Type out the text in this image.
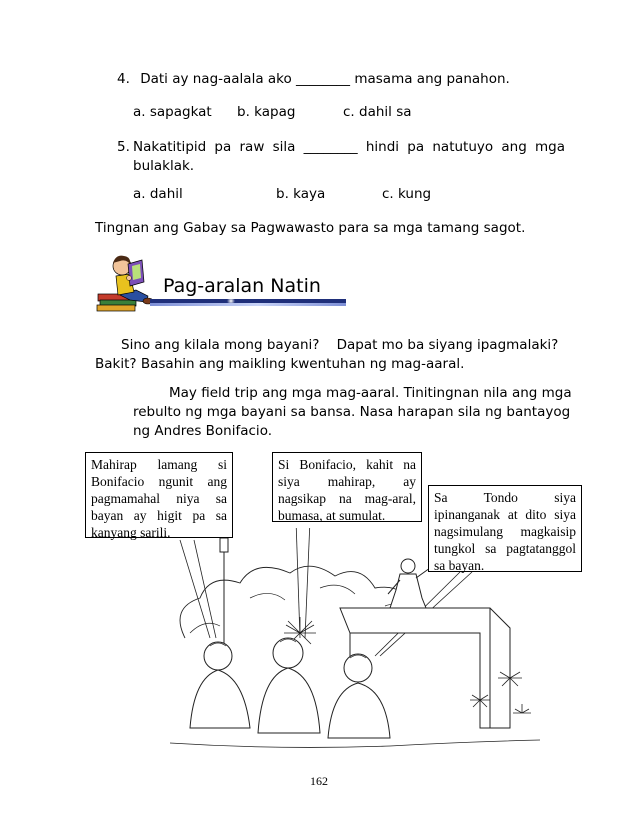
4. Dati ay nag-aalala ako ________ masama ang panahon.
a. sapagkat b. kapag	c. dahil sa
5. Nakatitipid pa raw sila ________ hindi pa natutuyo ang mga
bulaklak.
a. dahil	b. kaya	c. kung
Tingnan ang Gabay sa Pagwawasto para sa mga tamang sagot.
Pag-aralan Natin
Sino ang kilala mong bayani?    Dapat mo ba siyang ipagmalaki?
Bakit? Basahin ang maikling kwentuhan ng mag-aaral.
May field trip ang mga mag-aaral. Tinitingnan nila ang mga
rebulto ng mga bayani sa bansa. Nasa harapan sila ng bantayog
ng Andres Bonifacio.
Mahirap lamang si
Bonifacio ngunit ang
pagmamahal niya sa
bayan ay higit pa sa
kanyang sarili.
Si Bonifacio, kahit na
siya mahirap, ay
nagsikap na mag-aral,
bumasa, at sumulat.
Sa Tondo siya
ipinanganak at dito siya
nagsimulang magkaisip
tungkol sa pagtatanggol
sa bayan.
162
